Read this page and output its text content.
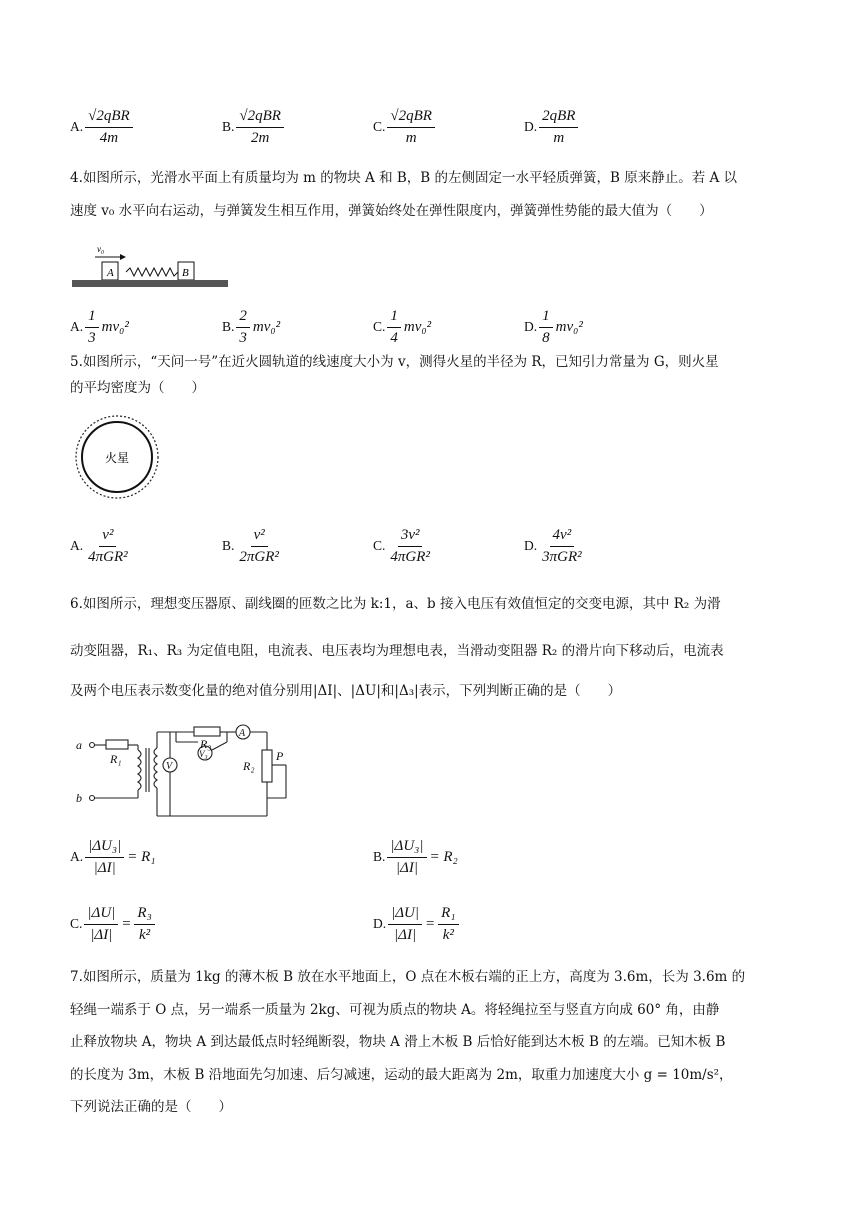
A. $\frac{\text{√2qBR}}{4m}$	B. $\frac{\text{√2qBR}}{2m}$	C. $\frac{\text{√2qBR}}{m}$	D. $\frac{\text{2qBR}}{m}$
4.如图所示，光滑水平面上有质量均为 m 的物块 A 和 B，B 的左侧固定一水平轻质弹簧，B 原来静止。若 A 以
速度 v₀ 水平向右运动，与弹簧发生相互作用，弹簧始终处在弹性限度内，弹簧弹性势能的最大值为（　　）
v₀
A	B
A. $\frac{1}{3} mv_0^2$	B. $\frac{2}{3} mv_0^2$	C. $\frac{1}{4} mv_0^2$	D. $\frac{1}{8} mv_0^2$
5.如图所示，“天问一号”在近火圆轨道的线速度大小为 v，测得火星的半径为 R，已知引力常量为 G，则火星
的平均密度为（　　）
火星
A. $\frac{\text{v²}}{\text{4πGR²}}$	B. $\frac{\text{v²}}{\text{2πGR²}}$	C. $\frac{\text{3v²}}{\text{4πGR²}}$	D. $\frac{\text{4v²}}{\text{3πGR²}}$
6.如图所示，理想变压器原、副线圈的匝数之比为 k:1，a、b 接入电压有效值恒定的交变电源，其中 R₂ 为滑
动变阻器，R₁、R₃ 为定值电阻，电流表、电压表均为理想电表，当滑动变阻器 R₂ 的滑片向下移动后，电流表
及两个电压表示数变化量的绝对值分别用|ΔI|、|ΔU|和|Δ₃|表示，下列判断正确的是（　　）
a
b
R₁
R₃
R₂
P
V
V₃
A
A. $\frac{\text{|ΔU₃|}}{|\Delta I|} = R_1$	B. $\frac{\text{|ΔU₃|}}{|\Delta I|} = R_2$
C. $\frac{|\Delta U|}{|\Delta I|} = \frac{\text{R₃}}{\text{k²}}$	D. $\frac{|\Delta U|}{|\Delta I|} = \frac{\text{R₁}}{\text{k²}}$
7.如图所示，质量为 1kg 的薄木板 B 放在水平地面上，O 点在木板右端的正上方，高度为 3.6m，长为 3.6m 的
轻绳一端系于 O 点，另一端系一质量为 2kg、可视为质点的物块 A。将轻绳拉至与竖直方向成 60° 角，由静
止释放物块 A，物块 A 到达最低点时轻绳断裂，物块 A 滑上木板 B 后恰好能到达木板 B 的左端。已知木板 B
的长度为 3m，木板 B 沿地面先匀加速、后匀减速，运动的最大距离为 2m，取重力加速度大小 g = 10m/s²，
下列说法正确的是（　　）
